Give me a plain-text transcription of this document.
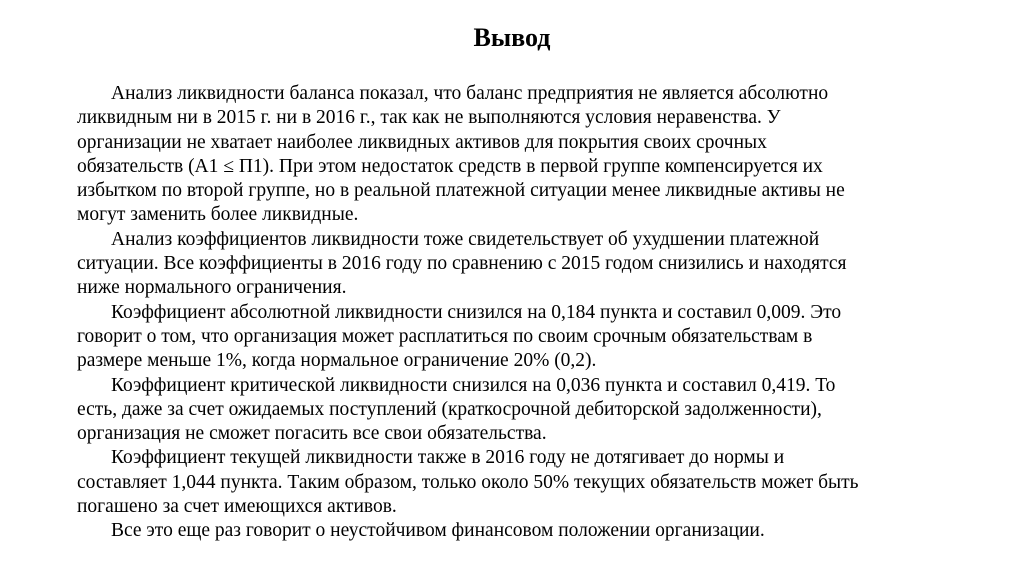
Вывод

Анализ ликвидности баланса показал, что баланс предприятия не является абсолютно
ликвидным ни в 2015 г. ни в 2016 г., так как не выполняются условия неравенства. У
организации не хватает наиболее ликвидных активов для покрытия своих срочных
обязательств (А1 ≤ П1). При этом недостаток средств в первой группе компенсируется их
избытком по второй группе, но в реальной платежной ситуации менее ликвидные активы не
могут заменить более ликвидные.

Анализ коэффициентов ликвидности тоже свидетельствует об ухудшении платежной
ситуации. Все коэффициенты в 2016 году по сравнению с 2015 годом снизились и находятся
ниже нормального ограничения.

Коэффициент абсолютной ликвидности снизился на 0,184 пункта и составил 0,009. Это
говорит о том, что организация может расплатиться по своим срочным обязательствам в
размере меньше 1%, когда нормальное ограничение 20% (0,2).

Коэффициент критической ликвидности снизился на 0,036 пункта и составил 0,419. То
есть, даже за счет ожидаемых поступлений (краткосрочной дебиторской задолженности),
организация не сможет погасить все свои обязательства.

Коэффициент текущей ликвидности также в 2016 году не дотягивает до нормы и
составляет 1,044 пункта. Таким образом, только около 50% текущих обязательств может быть
погашено за счет имеющихся активов.

Все это еще раз говорит о неустойчивом финансовом положении организации.
